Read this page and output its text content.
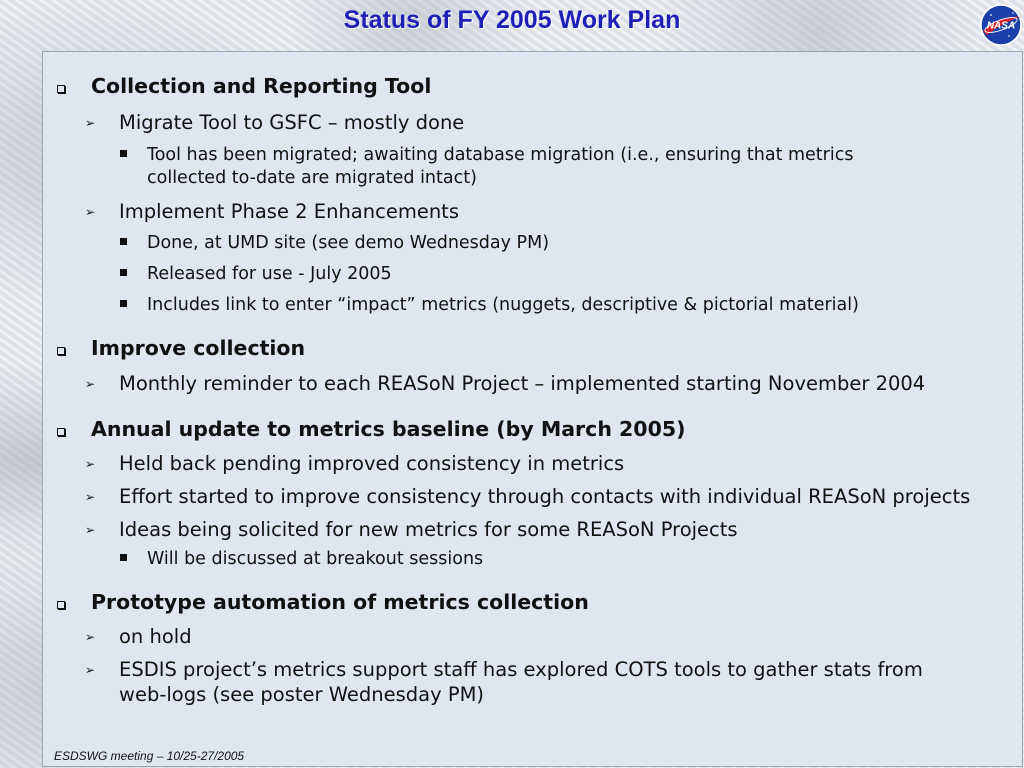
Status of FY 2005 Work Plan	NASA
Collection and Reporting Tool
➢ Migrate Tool to GSFC – mostly done
Tool has been migrated; awaiting database migration (i.e., ensuring that metrics
collected to-date are migrated intact)
➢ Implement Phase 2 Enhancements
Done, at UMD site (see demo Wednesday PM)
Released for use - July 2005
Includes link to enter “impact” metrics (nuggets, descriptive & pictorial material)
Improve collection
➢ Monthly reminder to each REASoN Project – implemented starting November 2004
Annual update to metrics baseline (by March 2005)
➢ Held back pending improved consistency in metrics
➢ Effort started to improve consistency through contacts with individual REASoN projects
➢ Ideas being solicited for new metrics for some REASoN Projects
Will be discussed at breakout sessions
Prototype automation of metrics collection
➢ on hold
➢ ESDIS project’s metrics support staff has explored COTS tools to gather stats from
web-logs (see poster Wednesday PM)
ESDSWG meeting – 10/25-27/2005
